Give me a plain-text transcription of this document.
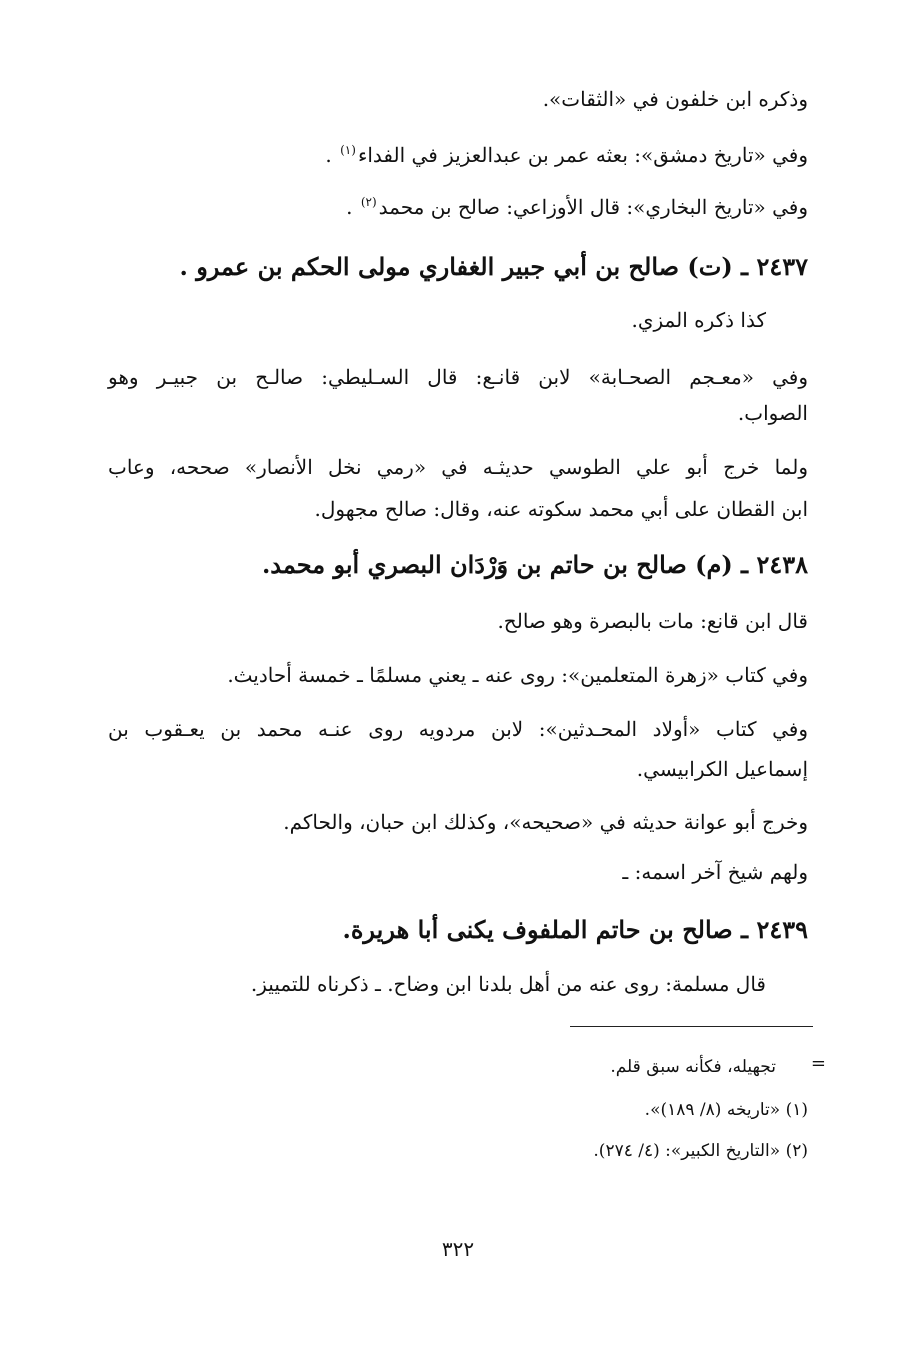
وذكره ابن خلفون في «الثقات».
وفي «تاريخ دمشق»: بعثه عمر بن عبدالعزيز في الفداء$^{(١)}$ .
وفي «تاريخ البخاري»: قال الأوزاعي: صالح بن محمد$^{(٢)}$ .
٢٤٣٧ ـ (ت) صالح بن أبي جبير الغفاري مولى الحكم بن عمرو .
كذا ذكره المزي.
وفي «معـجم الصحـابة» لابن قانـع: قال السـليطي: صالـح بن جبيـر وهو
الصواب.
ولما خرج أبو علي الطوسي حديثـه في «رمي نخل الأنصار» صححه، وعاب
ابن القطان على أبي محمد سكوته عنه، وقال: صالح مجهول.
٢٤٣٨ ـ (م) صالح بن حاتم بن وَرْدَان البصري أبو محمد.
قال ابن قانع: مات بالبصرة وهو صالح.
وفي كتاب «زهرة المتعلمين»: روى عنه ـ يعني مسلمًا ـ خمسة أحاديث.
وفي كتاب «أولاد المحـدثين»: لابن مردويه روى عنـه محمد بن يعـقوب بن
إسماعيل الكرابيسي.
وخرج أبو عوانة حديثه في «صحيحه»، وكذلك ابن حبان، والحاكم.
ولهم شيخ آخر اسمه: ـ
٢٤٣٩ ـ صالح بن حاتم الملفوف يكنى أبا هريرة.
قال مسلمة: روى عنه من أهل بلدنا ابن وضاح. ـ ذكرناه للتمييز.
=
تجهيله، فكأنه سبق قلم.
(١) «تاريخه (٨/ ١٨٩)».
(٢) «التاريخ الكبير»: (٤/ ٢٧٤).
٣٢٢
